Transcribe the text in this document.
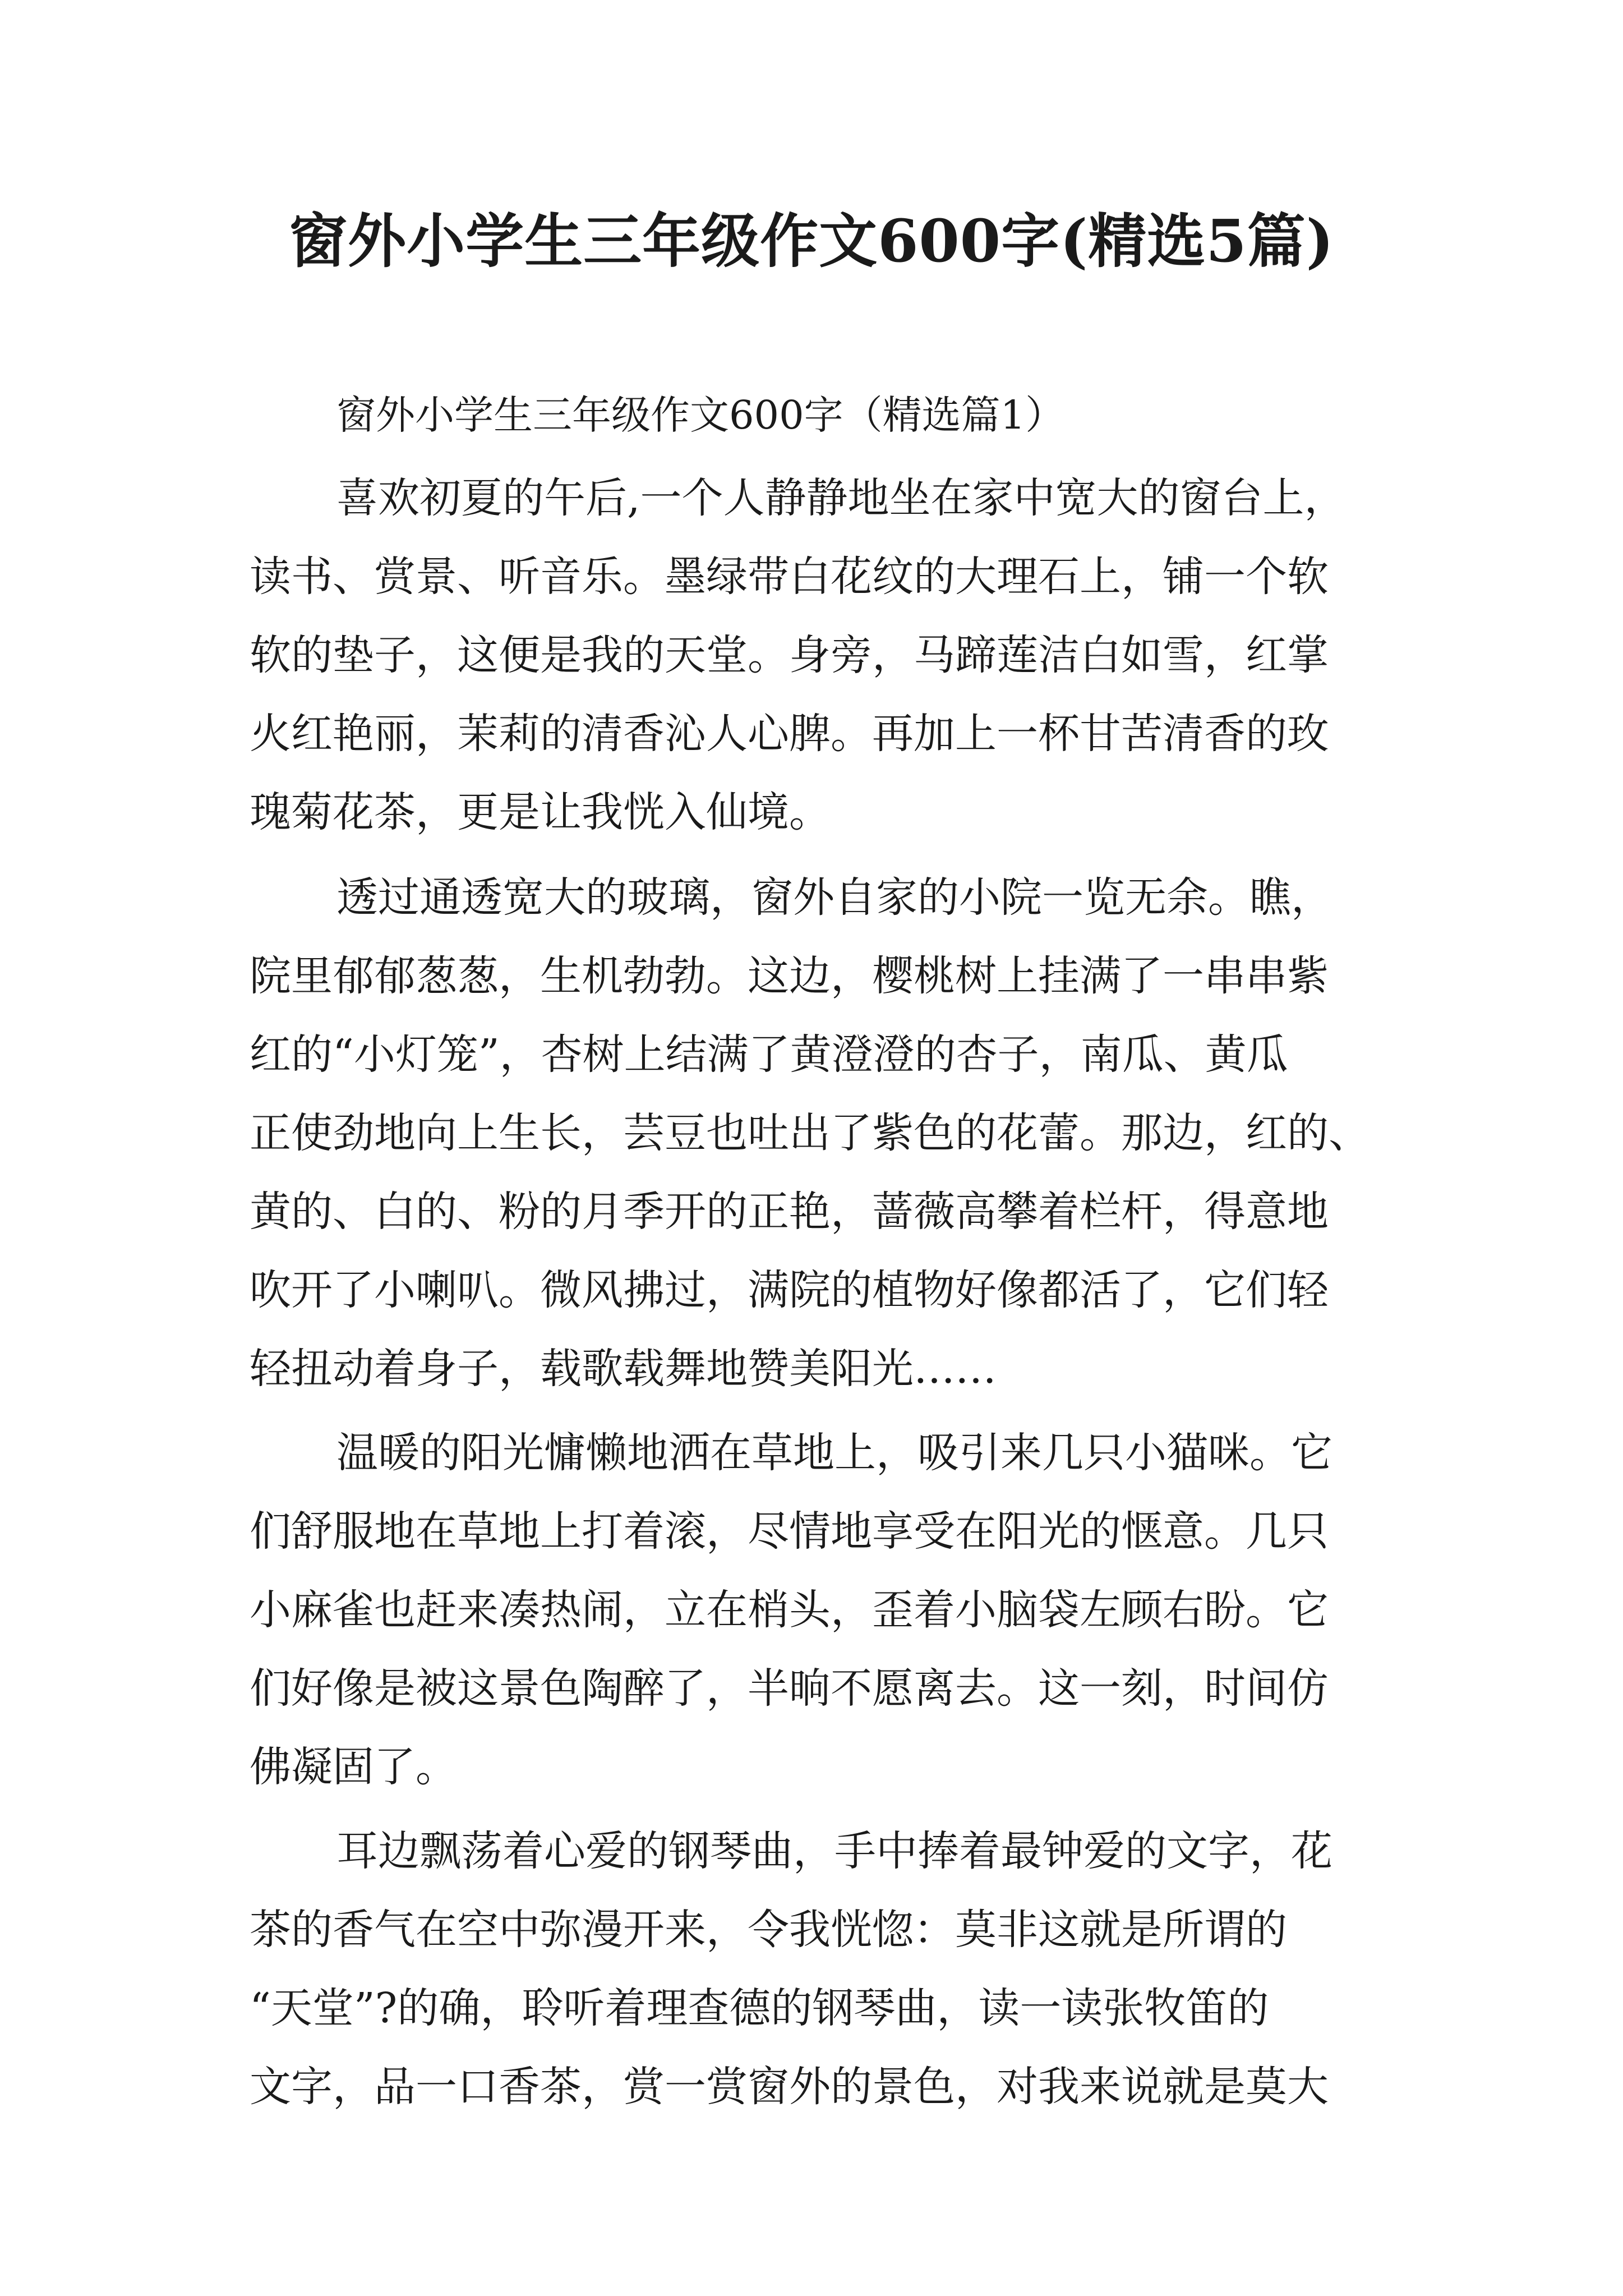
窗外小学生三年级作文600字(精选5篇)
窗外小学生三年级作文600字（精选篇1）
喜欢初夏的午后,一个人静静地坐在家中宽大的窗台上，
读书、赏景、听音乐。墨绿带白花纹的大理石上，铺一个软
软的垫子，这便是我的天堂。身旁，马蹄莲洁白如雪，红掌
火红艳丽，茉莉的清香沁人心脾。再加上一杯甘苦清香的玫
瑰菊花茶，更是让我恍入仙境。
透过通透宽大的玻璃，窗外自家的小院一览无余。瞧，
院里郁郁葱葱，生机勃勃。这边，樱桃树上挂满了一串串紫
红的“小灯笼”，杏树上结满了黄澄澄的杏子，南瓜、黄瓜
正使劲地向上生长，芸豆也吐出了紫色的花蕾。那边，红的、
黄的、白的、粉的月季开的正艳，蔷薇高攀着栏杆，得意地
吹开了小喇叭。微风拂过，满院的植物好像都活了，它们轻
轻扭动着身子，载歌载舞地赞美阳光……
温暖的阳光慵懒地洒在草地上，吸引来几只小猫咪。它
们舒服地在草地上打着滚，尽情地享受在阳光的惬意。几只
小麻雀也赶来凑热闹，立在梢头，歪着小脑袋左顾右盼。它
们好像是被这景色陶醉了，半晌不愿离去。这一刻，时间仿
佛凝固了。
耳边飘荡着心爱的钢琴曲，手中捧着最钟爱的文字，花
茶的香气在空中弥漫开来，令我恍惚：莫非这就是所谓的
“天堂”?的确，聆听着理查德的钢琴曲，读一读张牧笛的
文字，品一口香茶，赏一赏窗外的景色，对我来说就是莫大
